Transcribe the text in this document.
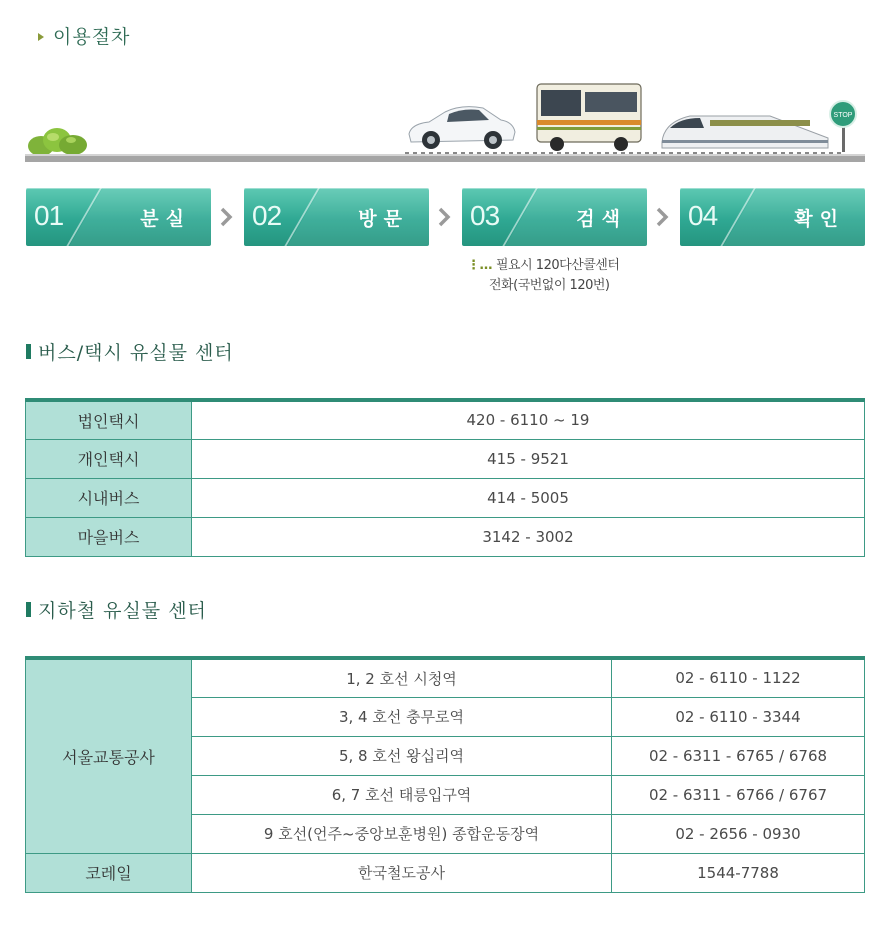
이용절차
STOP
01	분실 02	방문 03	검색 04	확인
⋮… 필요시 120다산콜센터
전화(국번없이 120번)
버스/택시 유실물 센터
법인택시	420 - 6110 ~ 19
개인택시	415 - 9521
시내버스	414 - 5005
마을버스	3142 - 3002
지하철 유실물 센터
서울교통공사	1, 2 호선 시청역	02 - 6110 - 1122
	3, 4 호선 충무로역	02 - 6110 - 3344
	5, 8 호선 왕십리역	02 - 6311 - 6765 / 6768
	6, 7 호선 태릉입구역	02 - 6311 - 6766 / 6767
	9 호선(언주~중앙보훈병원) 종합운동장역	02 - 2656 - 0930
코레일	한국철도공사	1544-7788
